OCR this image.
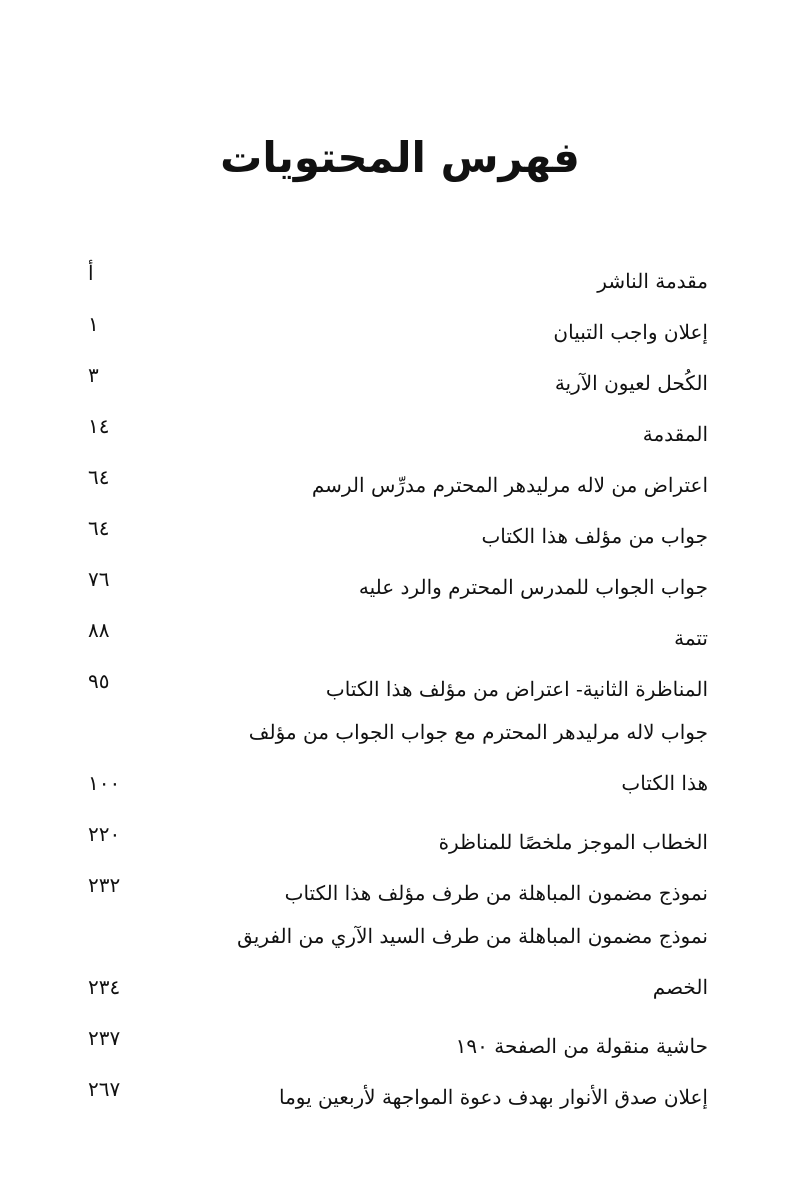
فهرس المحتويات
مقدمة الناشر
أ
إعلان واجب التبيان
١
الكُحل لعيون الآرية
٣
المقدمة
١٤
اعتراض من لاله مرليدهر المحترم مدرِّس الرسم
٦٤
جواب من مؤلف هذا الكتاب
٦٤
جواب الجواب للمدرس المحترم والرد عليه
٧٦
تتمة
٨٨
المناظرة الثانية- اعتراض من مؤلف هذا الكتاب
٩٥
جواب لاله مرليدهر المحترم مع جواب الجواب من مؤلف
هذا الكتاب
١٠٠
الخطاب الموجز ملخصًا للمناظرة
٢٢٠
نموذج مضمون المباهلة من طرف مؤلف هذا الكتاب
٢٣٢
نموذج مضمون المباهلة من طرف السيد الآري من الفريق
الخصم
٢٣٤
حاشية منقولة من الصفحة ١٩٠
٢٣٧
إعلان صدق الأنوار بهدف دعوة المواجهة لأربعين يوما
٢٦٧
